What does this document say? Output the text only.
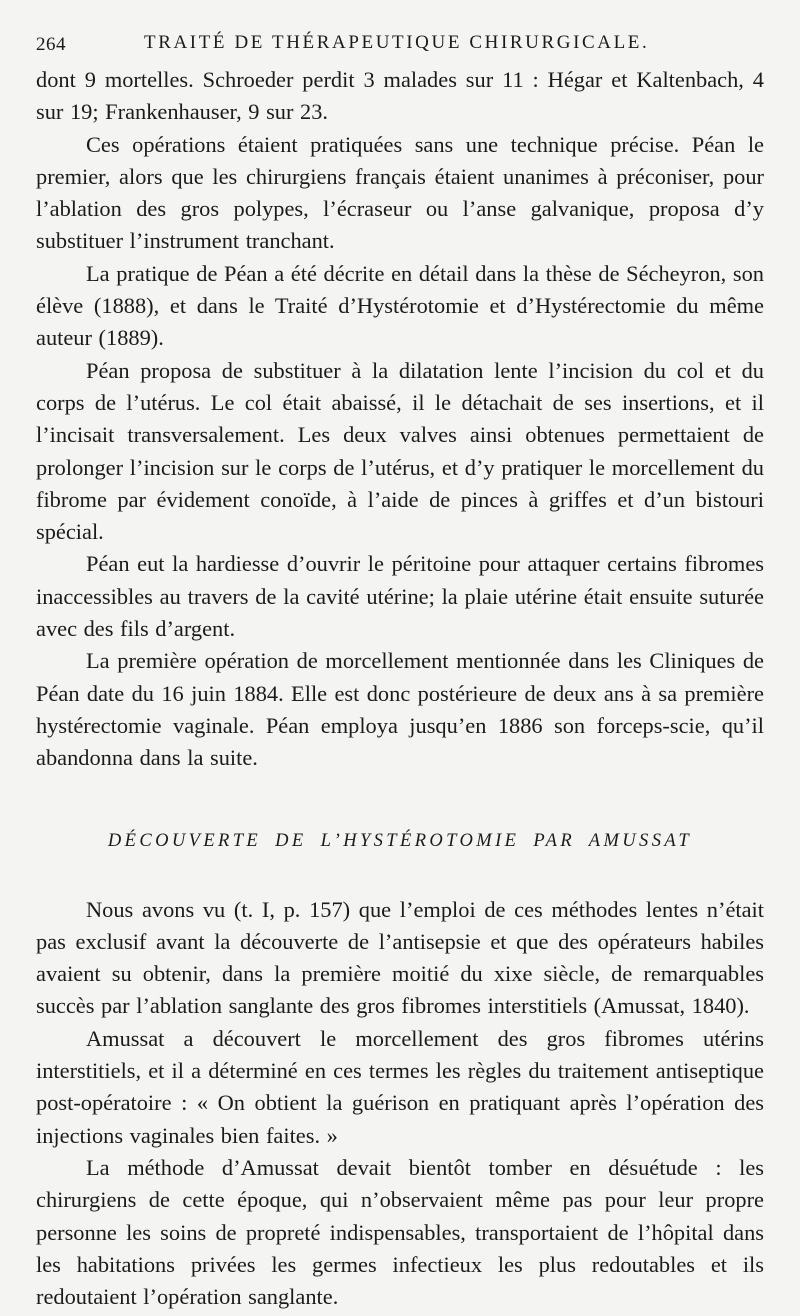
264	TRAITÉ DE THÉRAPEUTIQUE CHIRURGICALE.

dont 9 mortelles. Schroeder perdit 3 malades sur 11 : Hégar et Kaltenbach, 4 sur 19; Frankenhauser, 9 sur 23.

Ces opérations étaient pratiquées sans une technique précise. Péan le premier, alors que les chirurgiens français étaient unanimes à préconiser, pour l’ablation des gros polypes, l’écraseur ou l’anse galvanique, proposa d’y substituer l’instrument tranchant.

La pratique de Péan a été décrite en détail dans la thèse de Sécheyron, son élève (1888), et dans le Traité d’Hystérotomie et d’Hystérectomie du même auteur (1889).

Péan proposa de substituer à la dilatation lente l’incision du col et du corps de l’utérus. Le col était abaissé, il le détachait de ses insertions, et il l’incisait transversalement. Les deux valves ainsi obtenues permettaient de prolonger l’incision sur le corps de l’utérus, et d’y pratiquer le morcellement du fibrome par évidement conoïde, à l’aide de pinces à griffes et d’un bistouri spécial.

Péan eut la hardiesse d’ouvrir le péritoine pour attaquer certains fibromes inaccessibles au travers de la cavité utérine; la plaie utérine était ensuite suturée avec des fils d’argent.

La première opération de morcellement mentionnée dans les Cliniques de Péan date du 16 juin 1884. Elle est donc postérieure de deux ans à sa première hystérectomie vaginale. Péan employa jusqu’en 1886 son forceps-scie, qu’il abandonna dans la suite.

DÉCOUVERTE DE L’HYSTÉROTOMIE PAR AMUSSAT

Nous avons vu (t. I, p. 157) que l’emploi de ces méthodes lentes n’était pas exclusif avant la découverte de l’antisepsie et que des opérateurs habiles avaient su obtenir, dans la première moitié du xixe siècle, de remarquables succès par l’ablation sanglante des gros fibromes interstitiels (Amussat, 1840).

Amussat a découvert le morcellement des gros fibromes utérins interstitiels, et il a déterminé en ces termes les règles du traitement antiseptique post-opératoire : « On obtient la guérison en pratiquant après l’opération des injections vaginales bien faites. »

La méthode d’Amussat devait bientôt tomber en désuétude : les chirurgiens de cette époque, qui n’observaient même pas pour leur propre personne les soins de propreté indispensables, transportaient de l’hôpital dans les habitations privées les germes infectieux les plus redoutables et ils redoutaient l’opération sanglante.
